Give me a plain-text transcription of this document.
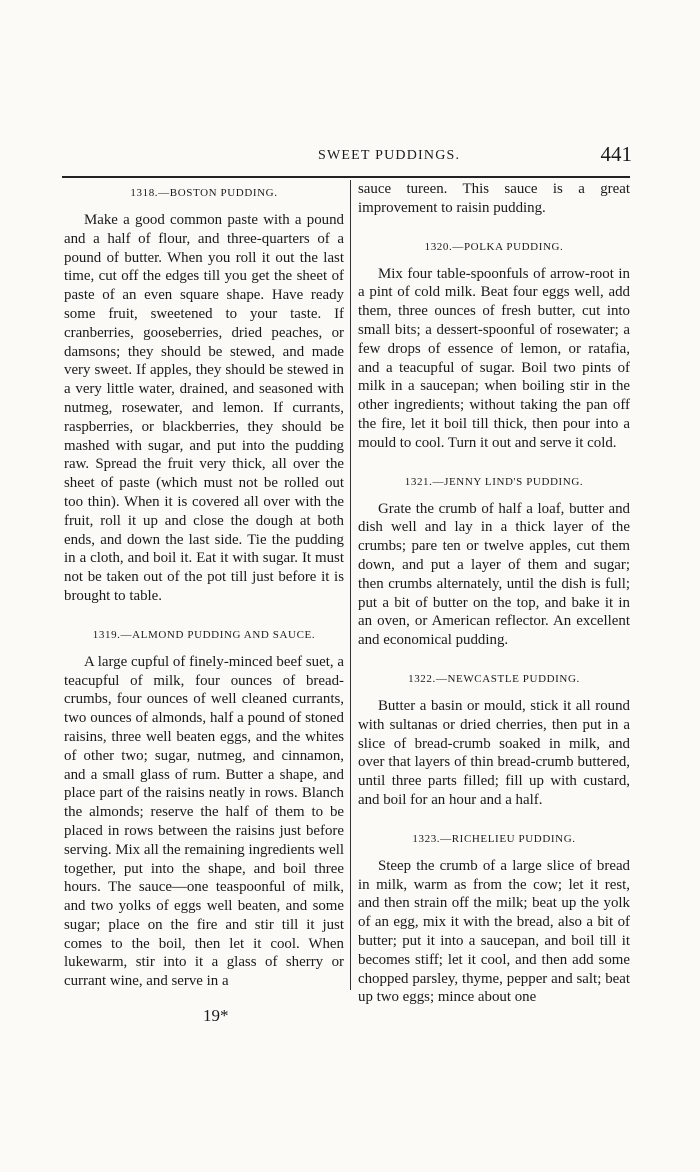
SWEET PUDDINGS.	441
1318.—BOSTON PUDDING.

Make a good common paste with a pound and a half of flour, and three-quarters of a pound of butter. When you roll it out the last time, cut off the edges till you get the sheet of paste of an even square shape. Have ready some fruit, sweetened to your taste. If cranberries, gooseberries, dried peaches, or damsons; they should be stewed, and made very sweet. If apples, they should be stewed in a very little water, drained, and seasoned with nutmeg, rosewater, and lemon. If currants, raspberries, or blackberries, they should be mashed with sugar, and put into the pudding raw. Spread the fruit very thick, all over the sheet of paste (which must not be rolled out too thin). When it is covered all over with the fruit, roll it up and close the dough at both ends, and down the last side. Tie the pudding in a cloth, and boil it. Eat it with sugar. It must not be taken out of the pot till just before it is brought to table.

1319.—ALMOND PUDDING AND SAUCE.

A large cupful of finely-minced beef suet, a teacupful of milk, four ounces of bread-crumbs, four ounces of well cleaned currants, two ounces of almonds, half a pound of stoned raisins, three well beaten eggs, and the whites of other two; sugar, nutmeg, and cinnamon, and a small glass of rum. Butter a shape, and place part of the raisins neatly in rows. Blanch the almonds; reserve the half of them to be placed in rows between the raisins just before serving. Mix all the remaining ingredients well together, put into the shape, and boil three hours. The sauce—one teaspoonful of milk, and two yolks of eggs well beaten, and some sugar; place on the fire and stir till it just comes to the boil, then let it cool. When lukewarm, stir into it a glass of sherry or currant wine, and serve in a

sauce tureen. This sauce is a great improvement to raisin pudding.

1320.—POLKA PUDDING.

Mix four table-spoonfuls of arrow-root in a pint of cold milk. Beat four eggs well, add them, three ounces of fresh butter, cut into small bits; a dessert-spoonful of rosewater; a few drops of essence of lemon, or ratafia, and a teacupful of sugar. Boil two pints of milk in a saucepan; when boiling stir in the other ingredients; without taking the pan off the fire, let it boil till thick, then pour into a mould to cool. Turn it out and serve it cold.

1321.—JENNY LIND'S PUDDING.

Grate the crumb of half a loaf, butter and dish well and lay in a thick layer of the crumbs; pare ten or twelve apples, cut them down, and put a layer of them and sugar; then crumbs alternately, until the dish is full; put a bit of butter on the top, and bake it in an oven, or American reflector. An excellent and economical pudding.

1322.—NEWCASTLE PUDDING.

Butter a basin or mould, stick it all round with sultanas or dried cherries, then put in a slice of bread-crumb soaked in milk, and over that layers of thin bread-crumb buttered, until three parts filled; fill up with custard, and boil for an hour and a half.

1323.—RICHELIEU PUDDING.

Steep the crumb of a large slice of bread in milk, warm as from the cow; let it rest, and then strain off the milk; beat up the yolk of an egg, mix it with the bread, also a bit of butter; put it into a saucepan, and boil till it becomes stiff; let it cool, and then add some chopped parsley, thyme, pepper and salt; beat up two eggs; mince about one

19*
